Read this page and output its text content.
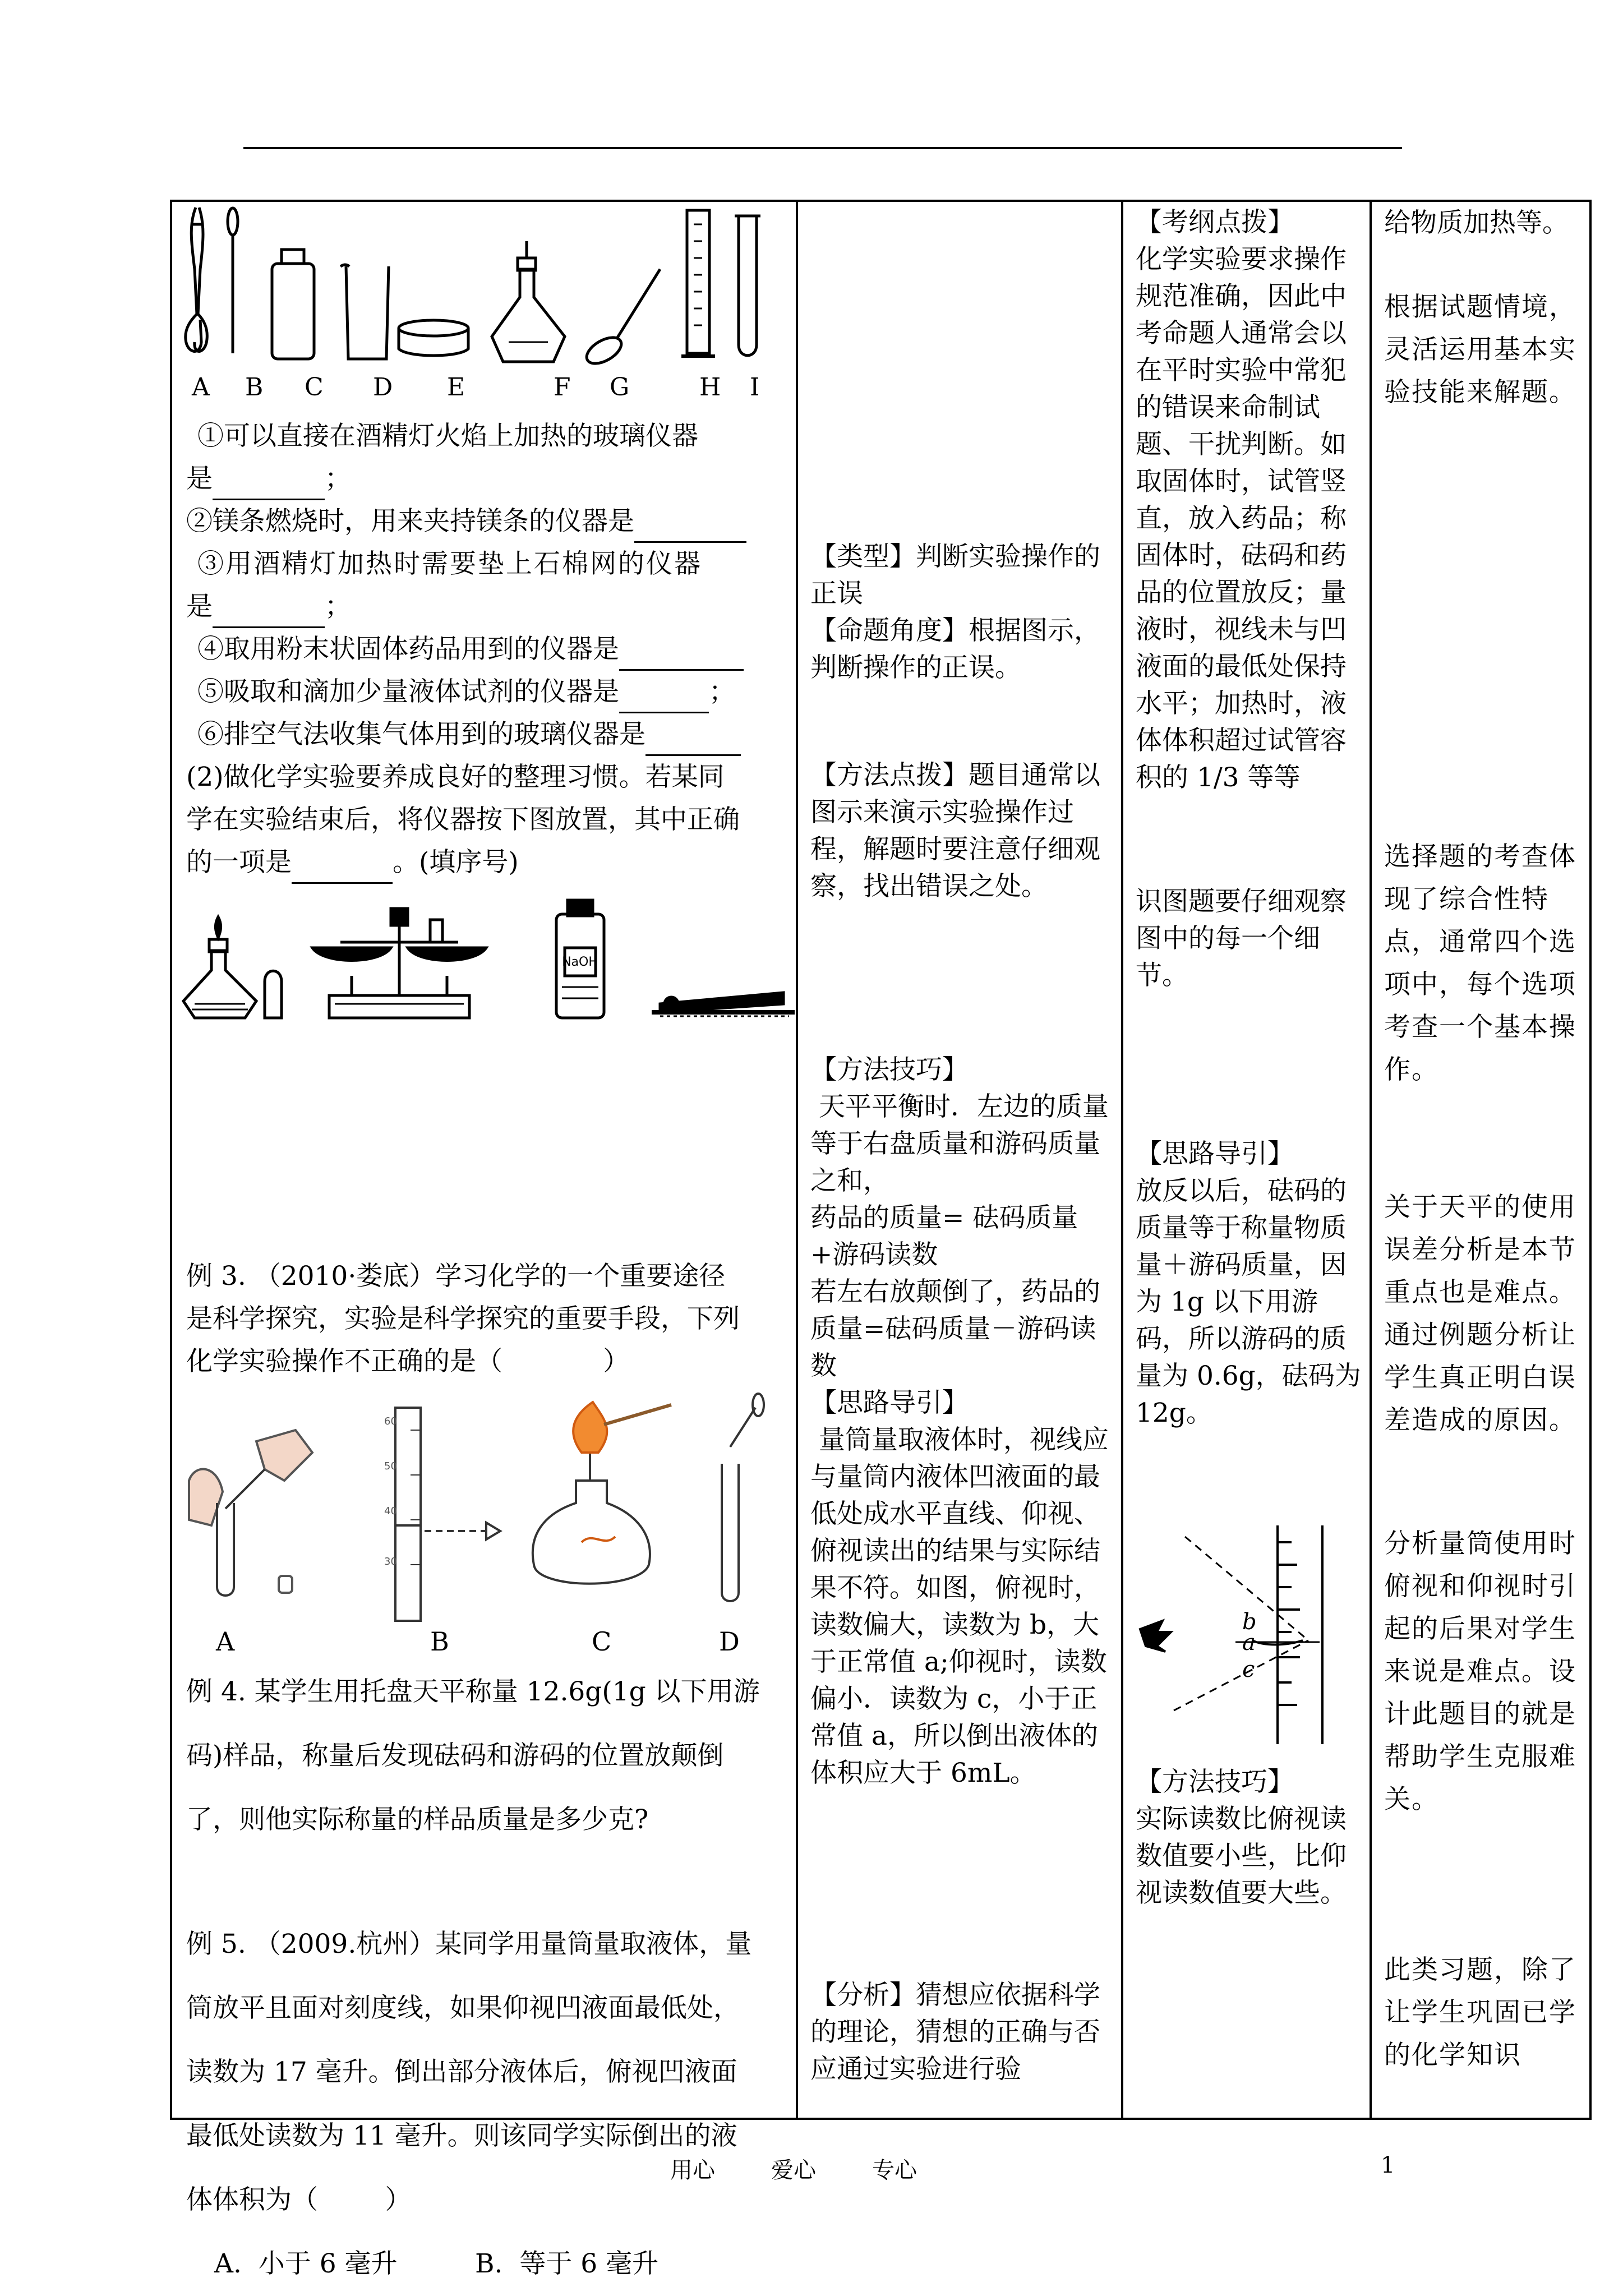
A B C D E	F G	H I
①可以直接在酒精灯火焰上加热的玻璃仪器
是	；
②镁条燃烧时，用来夹持镁条的仪器是
③用酒精灯加热时需要垫上石棉网的仪器
是	；
④取用粉末状固体药品用到的仪器是
⑤吸取和滴加少量液体试剂的仪器是	；
⑥排空气法收集气体用到的玻璃仪器是
(2)做化学实验要养成良好的整理习惯。若某同
学在实验结束后，将仪器按下图放置，其中正确
的一项是	。(填序号)
NaOH
例 3. （2010·娄底）学习化学的一个重要途径
是科学探究，实验是科学探究的重要手段，下列
化学实验操作不正确的是（            ）
60
50
40
30
A	B	C	D
例 4. 某学生用托盘天平称量 12.6g(1g 以下用游
码)样品，称量后发现砝码和游码的位置放颠倒
了，则他实际称量的样品质量是多少克?
例 5. （2009.杭州）某同学用量筒量取液体，量
筒放平且面对刻度线，如果仰视凹液面最低处，
读数为 17 毫升。倒出部分液体后，俯视凹液面
最低处读数为 11 毫升。则该同学实际倒出的液
体体积为（        ）
A.  小于 6 毫升	B.  等于 6 毫升
【类型】判断实验操作的正误
【命题角度】根据图示，判断操作的正误。
【方法点拨】题目通常以图示来演示实验操作过程，解题时要注意仔细观察，找出错误之处。
【方法技巧】
天平平衡时．左边的质量等于右盘质量和游码质量之和，
药品的质量= 砝码质量+游码读数
若左右放颠倒了，药品的质量=砝码质量－游码读数
【思路导引】
量筒量取液体时，视线应与量筒内液体凹液面的最低处成水平直线、仰视、俯视读出的结果与实际结果不符。如图，俯视时，读数偏大，读数为 b，大于正常值 a;仰视时，读数偏小．读数为 c，小于正常值 a，所以倒出液体的体积应大于 6mL。
【分析】猜想应依据科学的理论，猜想的正确与否应通过实验进行验
【考纲点拨】
化学实验要求操作规范准确，因此中考命题人通常会以在平时实验中常犯的错误来命制试题、干扰判断。如取固体时，试管竖直，放入药品；称固体时，砝码和药品的位置放反；量液时，视线未与凹液面的最低处保持水平；加热时，液体体积超过试管容积的 1/3 等等
识图题要仔细观察图中的每一个细节。
【思路导引】
放反以后，砝码的质量等于称量物质量＋游码质量，因为 1g 以下用游码，所以游码的质量为 0.6g，砝码为 12g。
b
a
c
【方法技巧】
实际读数比俯视读数值要小些，比仰视读数值要大些。
给物质加热等。
根据试题情境，灵活运用基本实验技能来解题。
选择题的考查体现了综合性特点，通常四个选项中，每个选项考查一个基本操作。
关于天平的使用误差分析是本节重点也是难点。通过例题分析让学生真正明白误差造成的原因。
分析量筒使用时俯视和仰视时引起的后果对学生来说是难点。设计此题目的就是帮助学生克服难关。
此类习题，除了让学生巩固已学的化学知识
用心	爱心	专心	1
